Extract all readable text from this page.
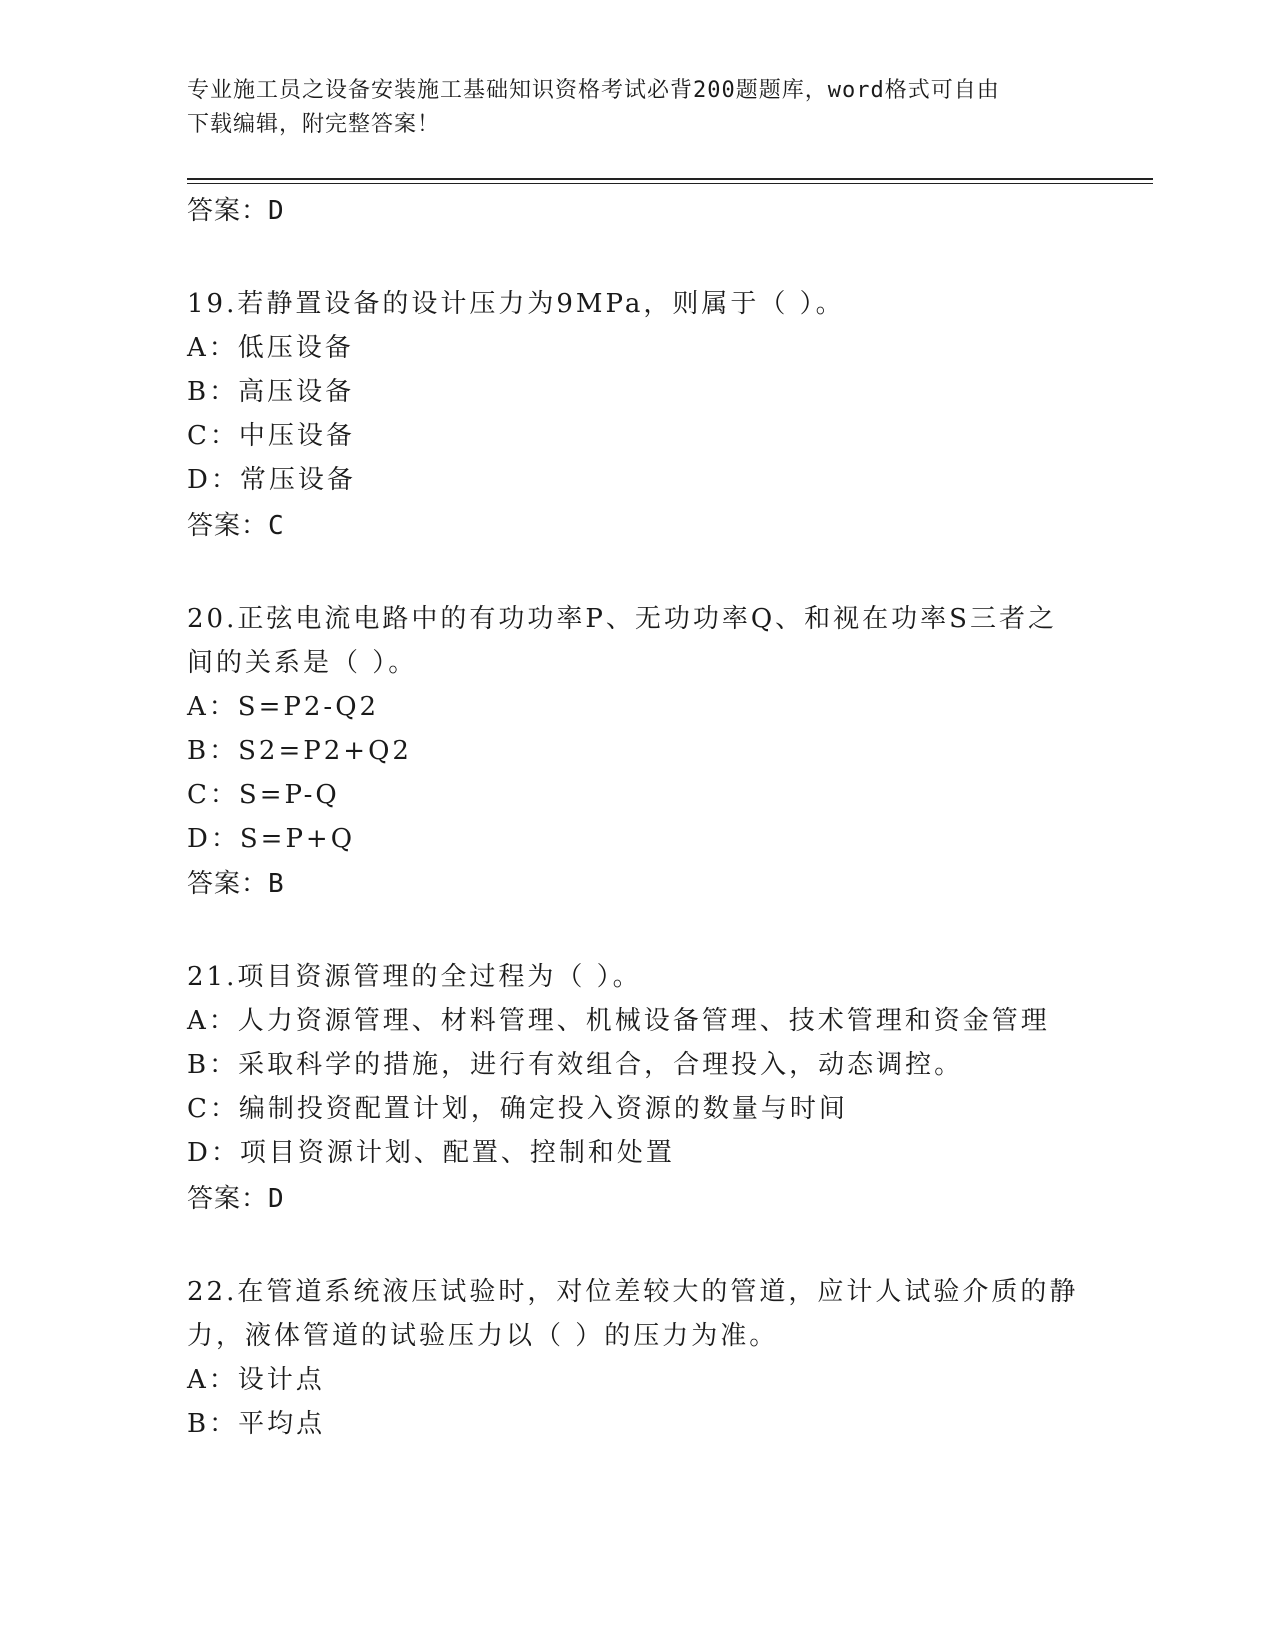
专业施工员之设备安装施工基础知识资格考试必背200题题库，word格式可自由
下载编辑，附完整答案！
答案：D
19.若静置设备的设计压力为9MPa，则属于（ ）。
A：低压设备
B：高压设备
C：中压设备
D：常压设备
答案：C
20.正弦电流电路中的有功功率P、无功功率Q、和视在功率S三者之
间的关系是（ ）。
A：S=P2-Q2
B：S2=P2+Q2
C：S=P-Q
D：S=P+Q
答案：B
21.项目资源管理的全过程为（ ）。
A：人力资源管理、材料管理、机械设备管理、技术管理和资金管理
B：采取科学的措施，进行有效组合，合理投入，动态调控。
C：编制投资配置计划，确定投入资源的数量与时间
D：项目资源计划、配置、控制和处置
答案：D
22.在管道系统液压试验时，对位差较大的管道，应计人试验介质的静
力，液体管道的试验压力以（ ）的压力为准。
A：设计点
B：平均点
